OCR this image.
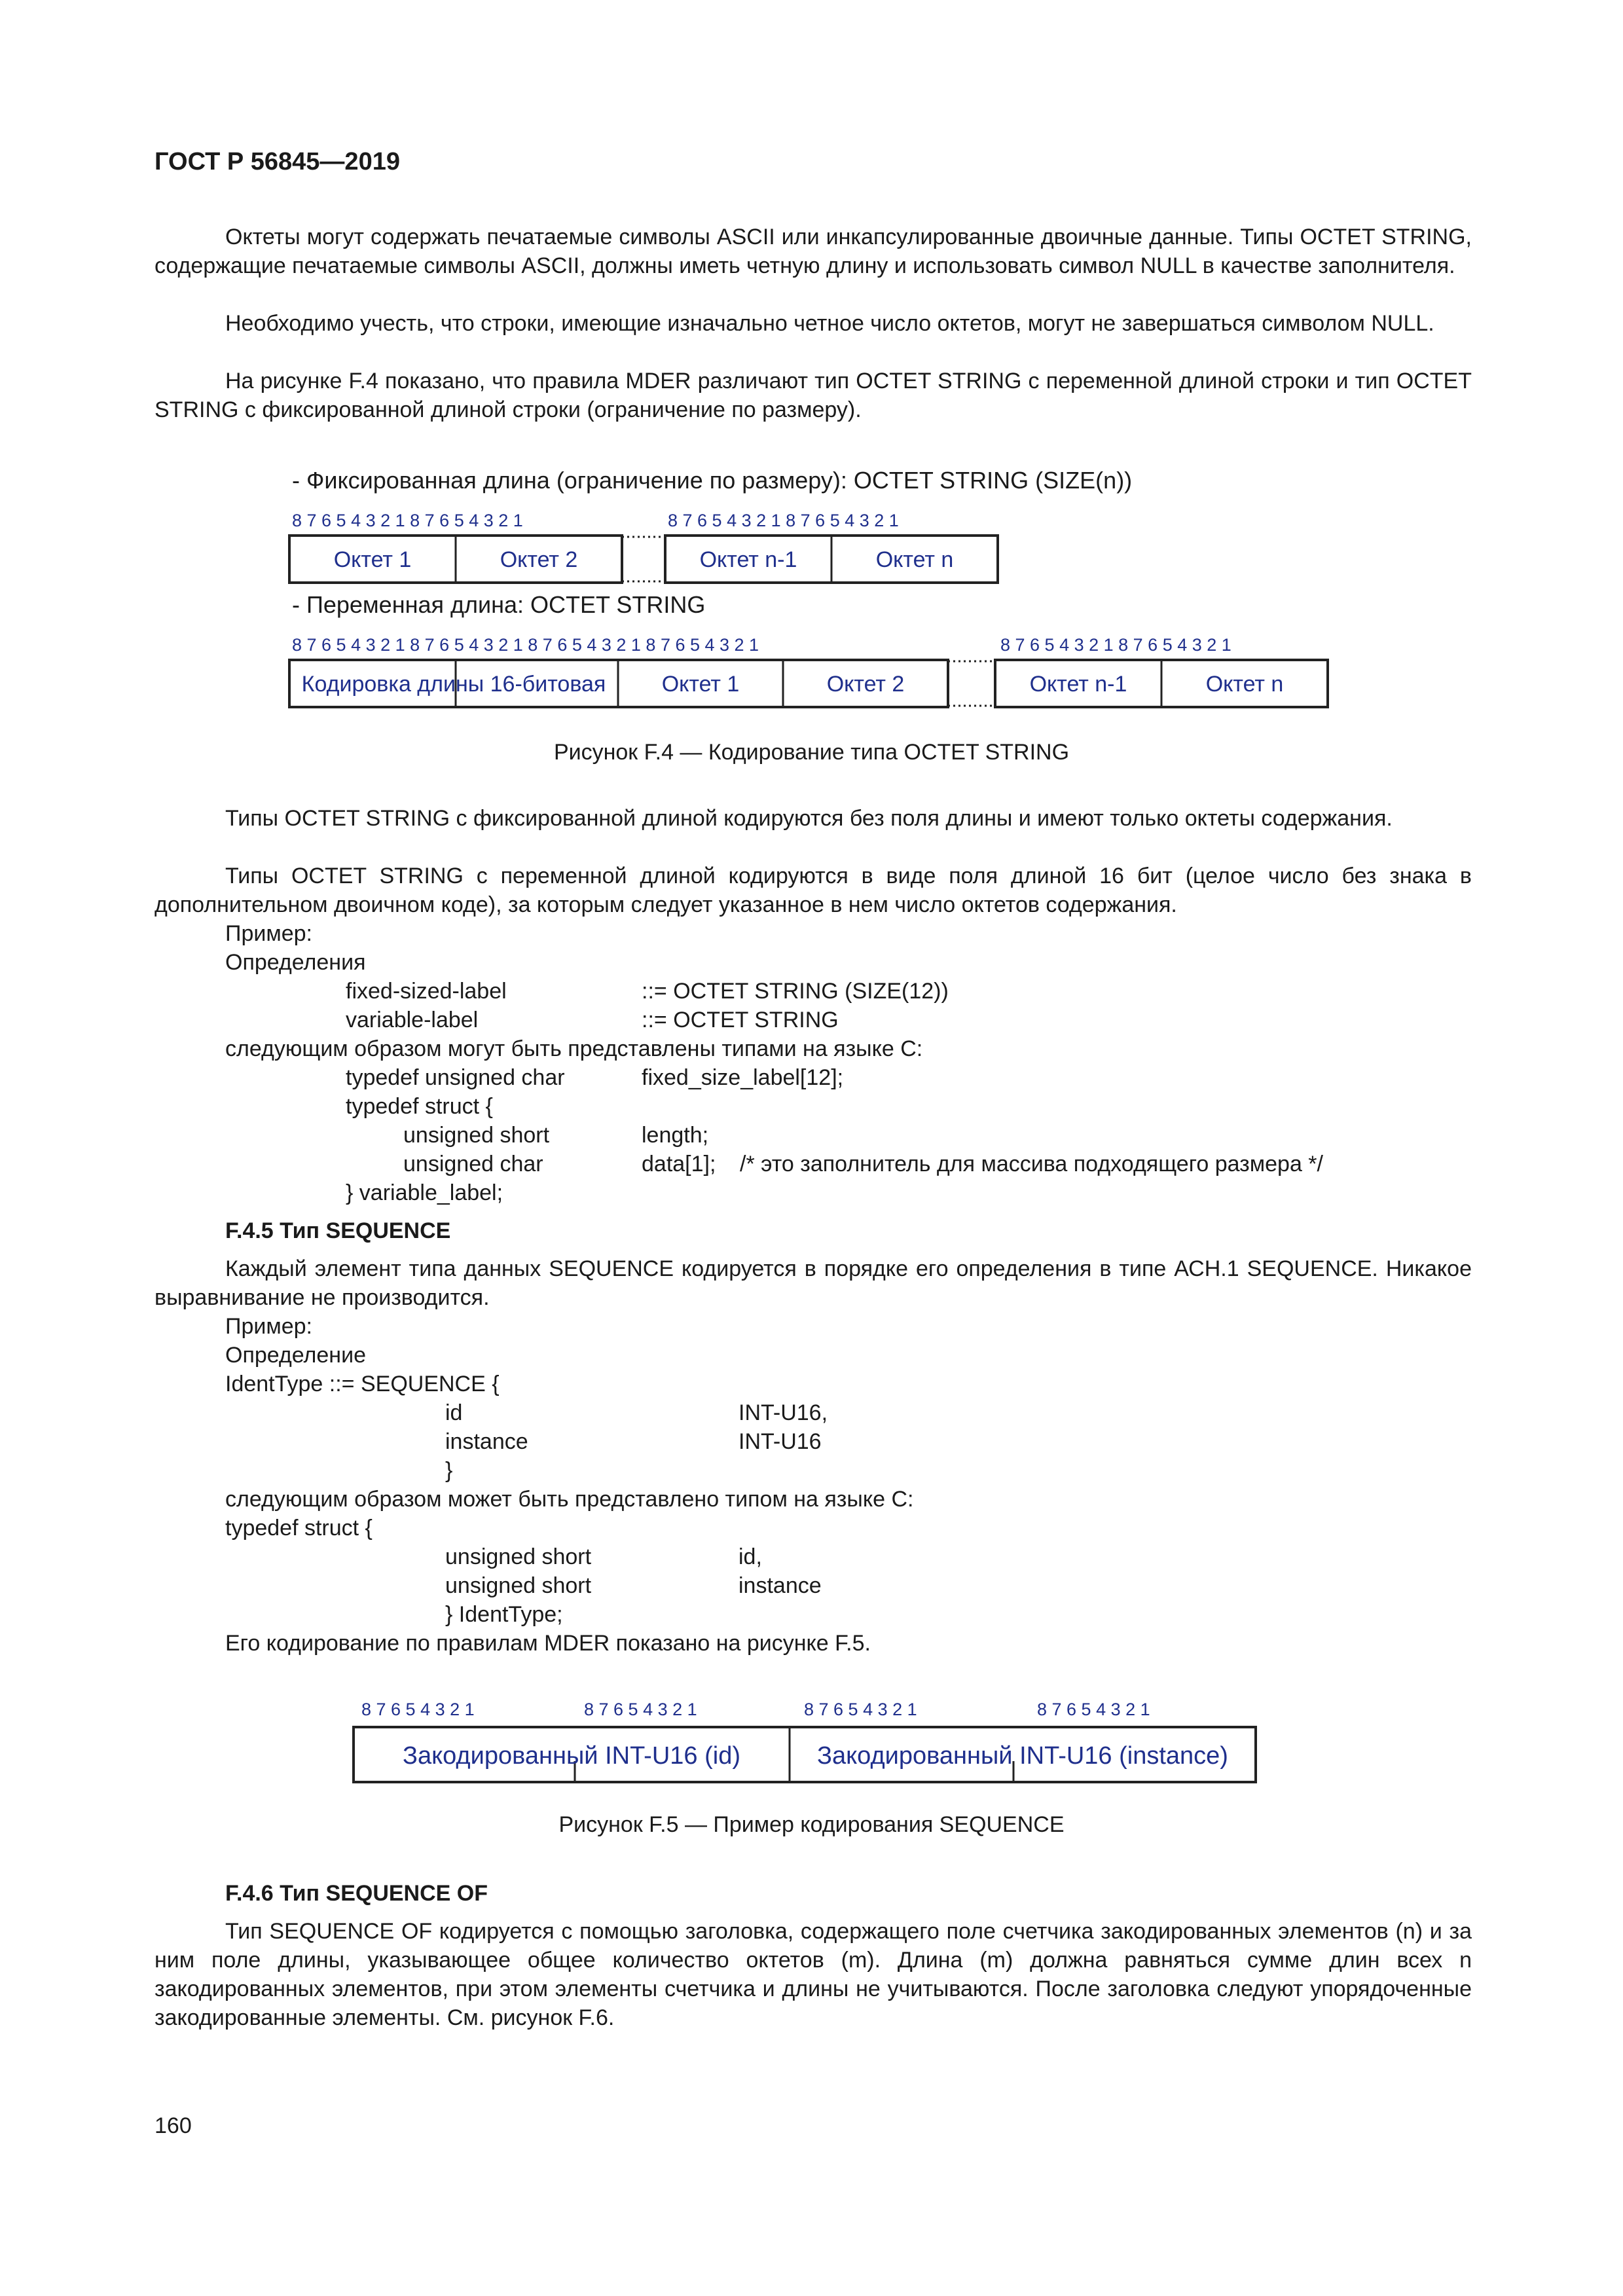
ГОСТ Р 56845—2019

Октеты могут содержать печатаемые символы ASCII или инкапсулированные двоичные данные. Типы OCTET STRING, содержащие печатаемые символы ASCII, должны иметь четную длину и использовать символ NULL в качестве заполнителя.

Необходимо учесть, что строки, имеющие изначально четное число октетов, могут не завершаться символом NULL.

На рисунке F.4 показано, что правила MDER различают тип OCTET STRING с переменной длиной строки и тип OCTET STRING с фиксированной длиной строки (ограничение по размеру).

- Фиксированная длина (ограничение по размеру): OCTET STRING (SIZE(n))
8 7 6 5 4 3 2 1 8 7 6 5 4 3 2 1	8 7 6 5 4 3 2 1 8 7 6 5 4 3 2 1
Октет 1	Октет 2	Октет n-1	Октет n
- Переменная длина: OCTET STRING
8 7 6 5 4 3 2 1 8 7 6 5 4 3 2 1 8 7 6 5 4 3 2 1 8 7 6 5 4 3 2 1	8 7 6 5 4 3 2 1 8 7 6 5 4 3 2 1
Кодировка длины 16-битовая	Октет 1	Октет 2	Октет n-1	Октет n

Рисунок F.4 — Кодирование типа OCTET STRING

Типы OCTET STRING с фиксированной длиной кодируются без поля длины и имеют только октеты содержания.

Типы OCTET STRING с переменной длиной кодируются в виде поля длиной 16 бит (целое число без знака в дополнительном двоичном коде), за которым следует указанное в нем число октетов содержания.

Пример:

Определения

fixed-sized-label	::= OCTET STRING (SIZE(12))

variable-label	::= OCTET STRING

следующим образом могут быть представлены типами на языке С:

typedef unsigned char	fixed_size_label[12];

typedef struct {

unsigned short	length;

unsigned char	data[1]; /* это заполнитель для массива подходящего размера */

} variable_label;

F.4.5 Тип SEQUENCE

Каждый элемент типа данных SEQUENCE кодируется в порядке его определения в типе АСН.1 SEQUENCE. Никакое выравнивание не производится.

Пример:

Определение

IdentType ::= SEQUENCE {

id	INT-U16,

instance	INT-U16

}

следующим образом может быть представлено типом на языке С:

typedef struct {

unsigned short	id,

unsigned short	instance

} IdentType;

Его кодирование по правилам MDER показано на рисунке F.5.

8 7 6 5 4 3 2 1	8 7 6 5 4 3 2 1	8 7 6 5 4 3 2 1	8 7 6 5 4 3 2 1
Закодированный INT-U16 (id)	Закодированный INT-U16 (instance)

Рисунок F.5 — Пример кодирования SEQUENCE

F.4.6 Тип SEQUENCE OF

Тип SEQUENCE OF кодируется с помощью заголовка, содержащего поле счетчика закодированных элементов (n) и за ним поле длины, указывающее общее количество октетов (m). Длина (m) должна равняться сумме длин всех n закодированных элементов, при этом элементы счетчика и длины не учитываются. После заголовка следуют упорядоченные закодированные элементы. См. рисунок F.6.

160
